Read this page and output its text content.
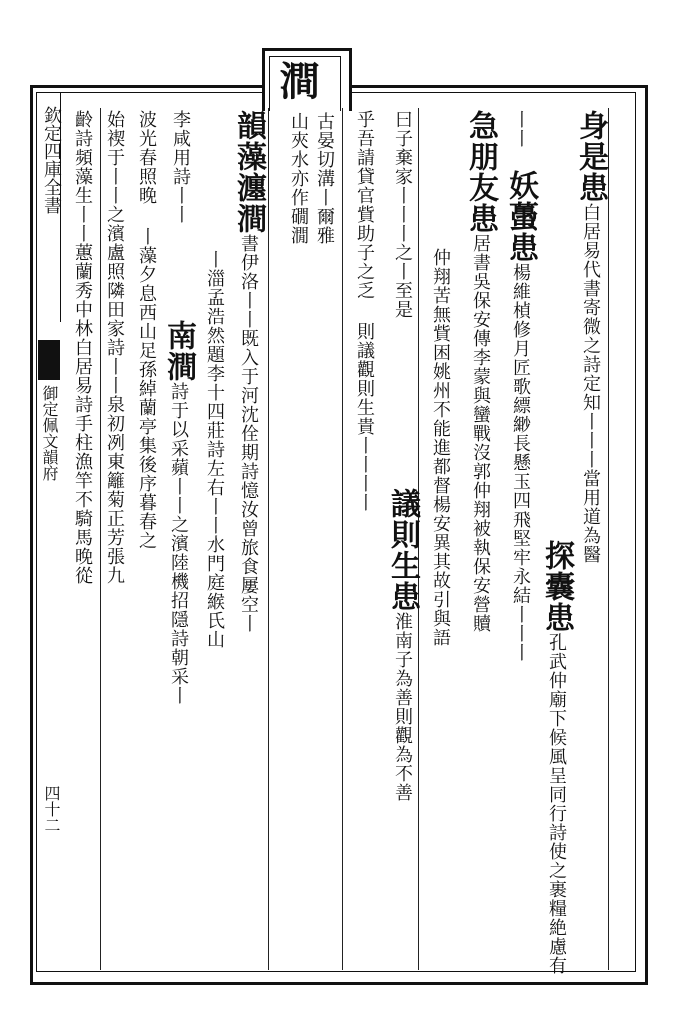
欽定四庫全書
御定佩文韻府
四十二
澗
身是患白居易代書寄微之詩定知丨丨丨當用道為醫
探囊患孔武仲廟下候風呈同行詩使之裹糧絶慮有
丨丨
妖蠆患楊維楨修月匠歌縹緲長懸玉四飛堅牢永結丨丨丨
急朋友患居書吳保安傳李蒙與蠻戰沒郭仲翔被執保安營贖
仲翔苦無貲困姚州不能進都督楊安異其故引與語
曰子棄家丨丨丨之丨至是
議則生患淮南子為善則觀為不善
乎吾請貸官貲助子之乏 則議觀則生貴丨丨丨丨
山夾水亦作礀㵎 古晏切溝丨爾雅
韻藻瀍澗書伊洛丨丨既入于河沈佺期詩憶汝曾旅食屢空丨
丨湽孟浩然題李十四莊詩左右丨丨水門庭緱氏山
李咸用詩丨丨
南澗詩于以采蘋丨丨之濱陸機招隱詩朝采丨
波光春照晚 丨藻夕息西山足孫綽蘭亭集後序暮春之
始禊于丨丨之濱盧照隣田家詩丨丨泉初冽東籬菊正芳張九
齡詩頻藻生丨丨蕙蘭秀中林白居易詩手柱漁竿不騎馬晚從
